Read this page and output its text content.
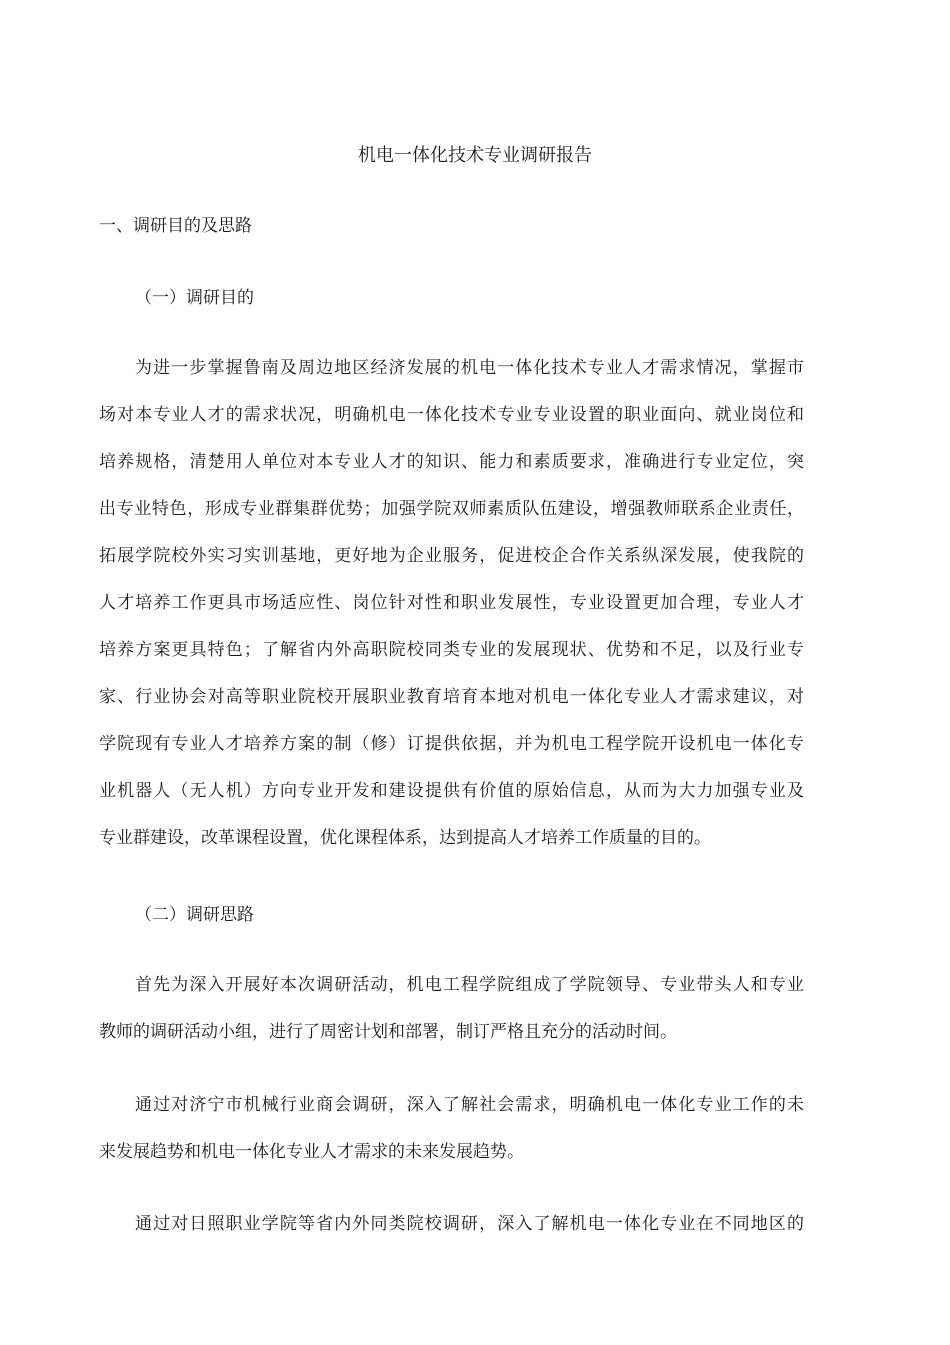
机电一体化技术专业调研报告
一、调研目的及思路
（一）调研目的
为进一步掌握鲁南及周边地区经济发展的机电一体化技术专业人才需求情况，掌握市
场对本专业人才的需求状况，明确机电一体化技术专业专业设置的职业面向、就业岗位和
培养规格，清楚用人单位对本专业人才的知识、能力和素质要求，准确进行专业定位，突
出专业特色，形成专业群集群优势；加强学院双师素质队伍建设，增强教师联系企业责任，
拓展学院校外实习实训基地，更好地为企业服务，促进校企合作关系纵深发展，使我院的
人才培养工作更具市场适应性、岗位针对性和职业发展性，专业设置更加合理，专业人才
培养方案更具特色；了解省内外高职院校同类专业的发展现状、优势和不足，以及行业专
家、行业协会对高等职业院校开展职业教育培育本地对机电一体化专业人才需求建议，对
学院现有专业人才培养方案的制（修）订提供依据，并为机电工程学院开设机电一体化专
业机器人（无人机）方向专业开发和建设提供有价值的原始信息，从而为大力加强专业及
专业群建设，改革课程设置，优化课程体系，达到提高人才培养工作质量的目的。
（二）调研思路
首先为深入开展好本次调研活动，机电工程学院组成了学院领导、专业带头人和专业
教师的调研活动小组，进行了周密计划和部署，制订严格且充分的活动时间。
通过对济宁市机械行业商会调研，深入了解社会需求，明确机电一体化专业工作的未
来发展趋势和机电一体化专业人才需求的未来发展趋势。
通过对日照职业学院等省内外同类院校调研，深入了解机电一体化专业在不同地区的
